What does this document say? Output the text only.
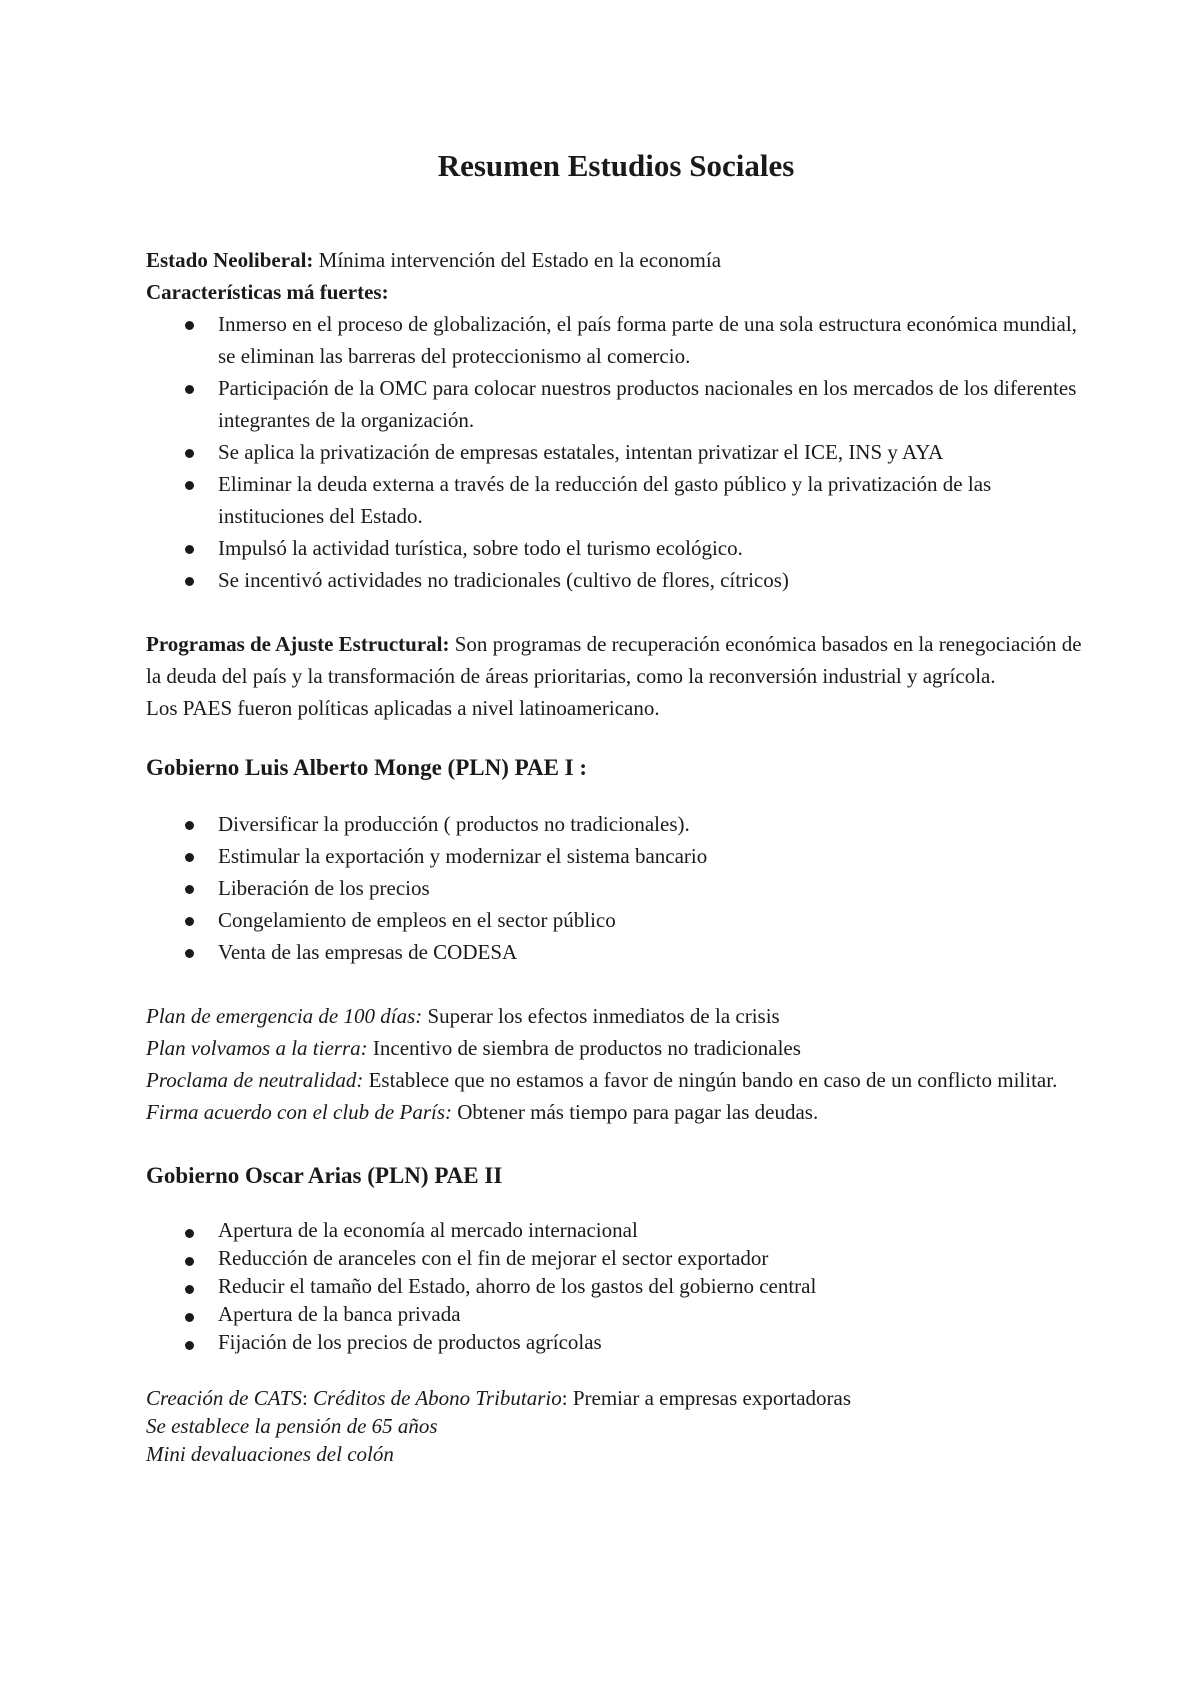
Resumen Estudios Sociales

Estado Neoliberal: Mínima intervención del Estado en la economía

Características má fuertes:

Inmerso en el proceso de globalización, el país forma parte de una sola estructura económica mundial, se eliminan las barreras del proteccionismo al comercio.
Participación de la OMC para colocar nuestros productos nacionales en los mercados de los diferentes integrantes de la organización.
Se aplica la privatización de empresas estatales, intentan privatizar el ICE, INS y AYA
Eliminar la deuda externa a través de la reducción del gasto público y la privatización de las instituciones del Estado.
Impulsó la actividad turística, sobre todo el turismo ecológico.
Se incentivó actividades no tradicionales (cultivo de flores, cítricos)

Programas de Ajuste Estructural: Son programas de recuperación económica basados en la renegociación de la deuda del país y la transformación de áreas prioritarias, como la reconversión industrial y agrícola.

Los PAES fueron políticas aplicadas a nivel latinoamericano.

Gobierno Luis Alberto Monge (PLN) PAE I :
Diversificar la producción ( productos no tradicionales).
Estimular la exportación y modernizar el sistema bancario
Liberación de los precios
Congelamiento de empleos en el sector público
Venta de las empresas de CODESA

Plan de emergencia de 100 días: Superar los efectos inmediatos de la crisis

Plan volvamos a la tierra: Incentivo de siembra de productos no tradicionales

Proclama de neutralidad: Establece que no estamos a favor de ningún bando en caso de un conflicto militar.

Firma acuerdo con el club de París: Obtener más tiempo para pagar las deudas.

Gobierno Oscar Arias (PLN) PAE II
Apertura de la economía al mercado internacional
Reducción de aranceles con el fin de mejorar el sector exportador
Reducir el tamaño del Estado, ahorro de los gastos del gobierno central
Apertura de la banca privada
Fijación de los precios de productos agrícolas

Creación de CATS: Créditos de Abono Tributario: Premiar a empresas exportadoras

Se establece la pensión de 65 años

Mini devaluaciones del colón
